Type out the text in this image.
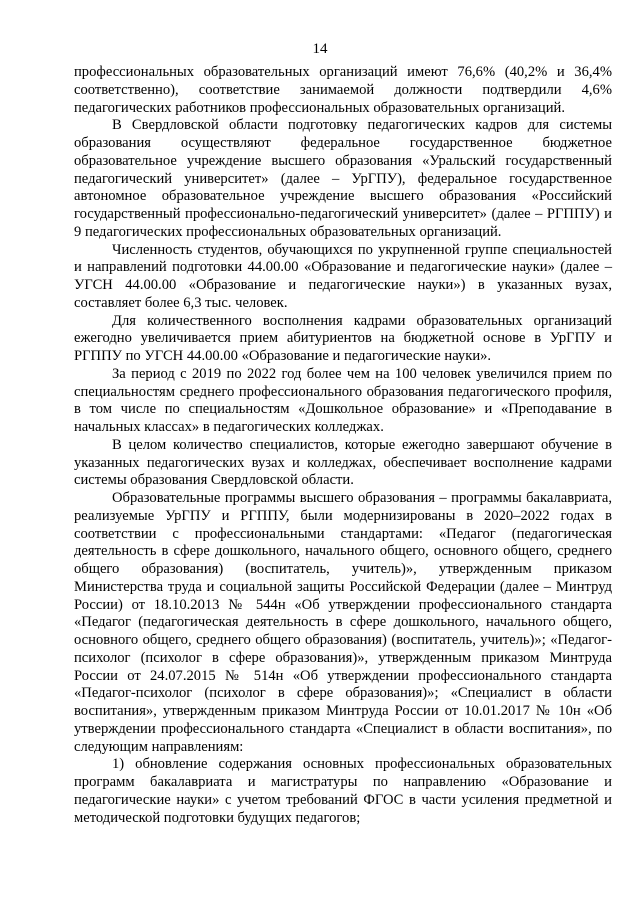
14

профессиональных образовательных организаций имеют 76,6% (40,2% и 36,4% соответственно), соответствие занимаемой должности подтвердили 4,6% педагогических работников профессиональных образовательных организаций.

В Свердловской области подготовку педагогических кадров для системы образования осуществляют федеральное государственное бюджетное образовательное учреждение высшего образования «Уральский государственный педагогический университет» (далее – УрГПУ), федеральное государственное автономное образовательное учреждение высшего образования «Российский государственный профессионально-педагогический университет» (далее – РГППУ) и 9 педагогических профессиональных образовательных организаций.

Численность студентов, обучающихся по укрупненной группе специальностей и направлений подготовки 44.00.00 «Образование и педагогические науки» (далее – УГСН 44.00.00 «Образование и педагогические науки») в указанных вузах, составляет более 6,3 тыс. человек.

Для количественного восполнения кадрами образовательных организаций ежегодно увеличивается прием абитуриентов на бюджетной основе в УрГПУ и РГППУ по УГСН 44.00.00 «Образование и педагогические науки».

За период с 2019 по 2022 год более чем на 100 человек увеличился прием по специальностям среднего профессионального образования педагогического профиля, в том числе по специальностям «Дошкольное образование» и «Преподавание в начальных классах» в педагогических колледжах.

В целом количество специалистов, которые ежегодно завершают обучение в указанных педагогических вузах и колледжах, обеспечивает восполнение кадрами системы образования Свердловской области.

Образовательные программы высшего образования – программы бакалавриата, реализуемые УрГПУ и РГППУ, были модернизированы в 2020–2022 годах в соответствии с профессиональными стандартами: «Педагог (педагогическая деятельность в сфере дошкольного, начального общего, основного общего, среднего общего образования) (воспитатель, учитель)», утвержденным приказом Министерства труда и социальной защиты Российской Федерации (далее – Минтруд России) от 18.10.2013 № 544н «Об утверждении профессионального стандарта «Педагог (педагогическая деятельность в сфере дошкольного, начального общего, основного общего, среднего общего образования) (воспитатель, учитель)»; «Педагог-психолог (психолог в сфере образования)», утвержденным приказом Минтруда России от 24.07.2015 № 514н «Об утверждении профессионального стандарта «Педагог-психолог (психолог в сфере образования)»; «Специалист в области воспитания», утвержденным приказом Минтруда России от 10.01.2017 № 10н «Об утверждении профессионального стандарта «Специалист в области воспитания», по следующим направлениям:

1) обновление содержания основных профессиональных образовательных программ бакалавриата и магистратуры по направлению «Образование и педагогические науки» с учетом требований ФГОС в части усиления предметной и методической подготовки будущих педагогов;
